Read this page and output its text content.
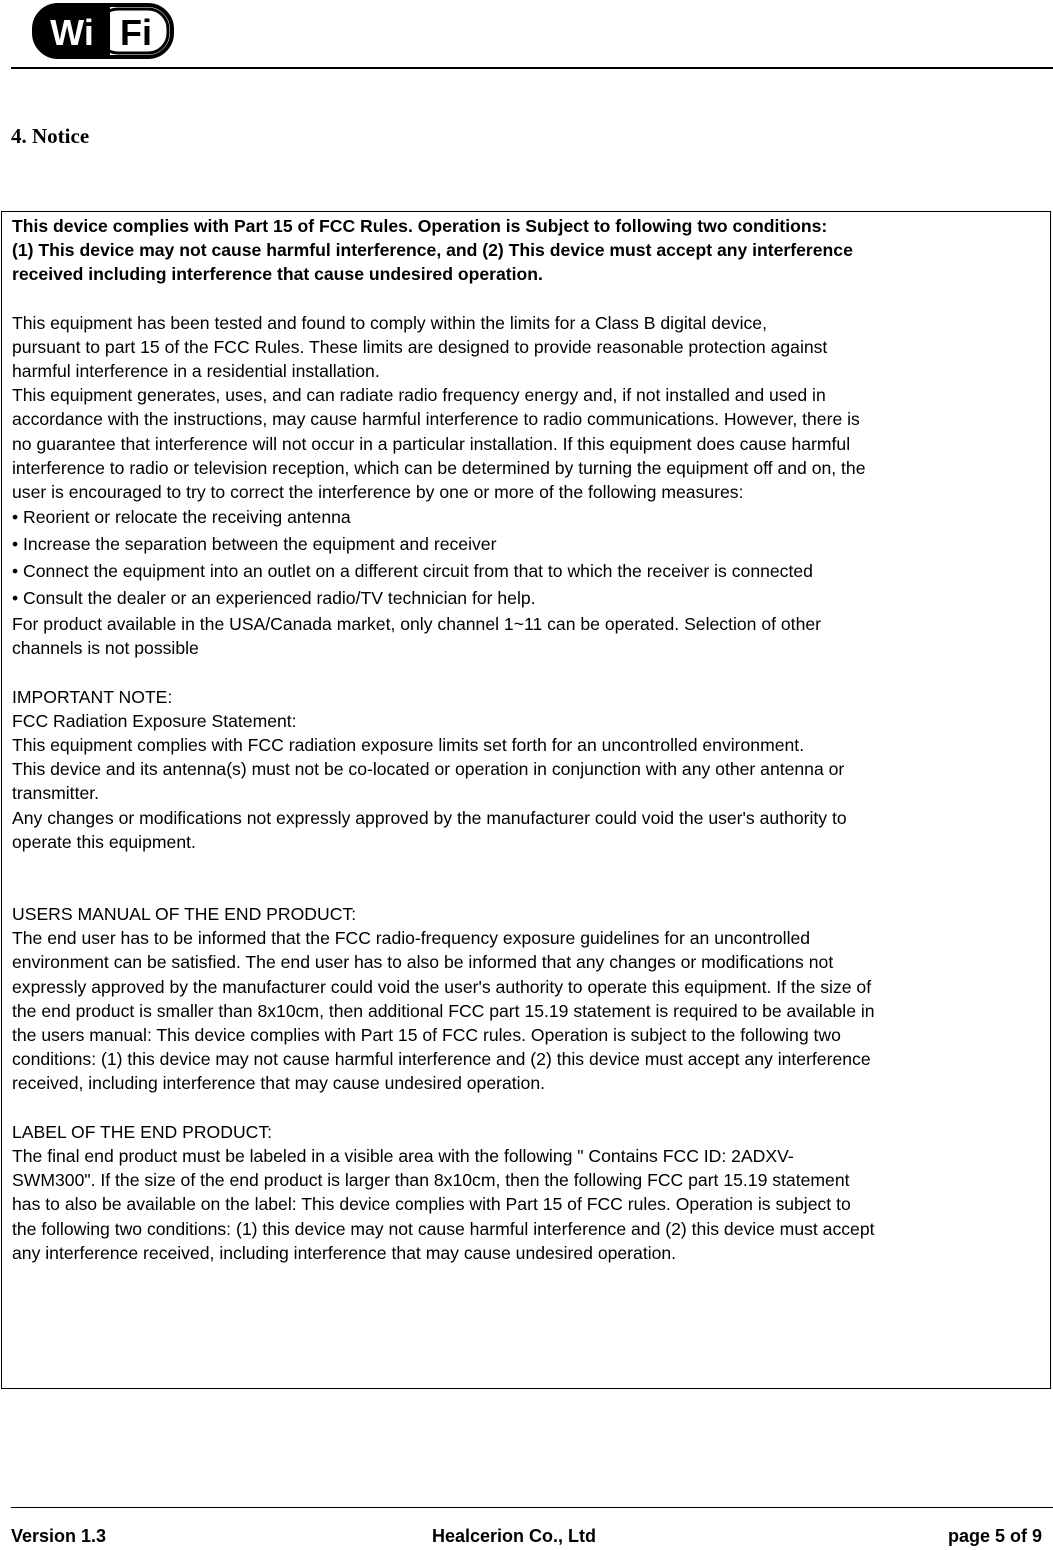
Wi Fi
4. Notice
This device complies with Part 15 of FCC Rules. Operation is Subject to following two conditions:
(1) This device may not cause harmful interference, and (2) This device must accept any interference
received including interference that cause undesired operation.
This equipment has been tested and found to comply within the limits for a Class B digital device,
pursuant to part 15 of the FCC Rules. These limits are designed to provide reasonable protection against
harmful interference in a residential installation.
This equipment generates, uses, and can radiate radio frequency energy and, if not installed and used in
accordance with the instructions, may cause harmful interference to radio communications. However, there is
no guarantee that interference will not occur in a particular installation. If this equipment does cause harmful
interference to radio or television reception, which can be determined by turning the equipment off and on, the
user is encouraged to try to correct the interference by one or more of the following measures:
• Reorient or relocate the receiving antenna
• Increase the separation between the equipment and receiver
• Connect the equipment into an outlet on a different circuit from that to which the receiver is connected
• Consult the dealer or an experienced radio/TV technician for help.
For product available in the USA/Canada market, only channel 1~11 can be operated. Selection of other
channels is not possible
IMPORTANT NOTE:
FCC Radiation Exposure Statement:
This equipment complies with FCC radiation exposure limits set forth for an uncontrolled environment.
This device and its antenna(s) must not be co-located or operation in conjunction with any other antenna or
transmitter.
Any changes or modifications not expressly approved by the manufacturer could void the user's authority to
operate this equipment.
USERS MANUAL OF THE END PRODUCT:
The end user has to be informed that the FCC radio-frequency exposure guidelines for an uncontrolled
environment can be satisfied. The end user has to also be informed that any changes or modifications not
expressly approved by the manufacturer could void the user's authority to operate this equipment. If the size of
the end product is smaller than 8x10cm, then additional FCC part 15.19 statement is required to be available in
the users manual: This device complies with Part 15 of FCC rules. Operation is subject to the following two
conditions: (1) this device may not cause harmful interference and (2) this device must accept any interference
received, including interference that may cause undesired operation.
LABEL OF THE END PRODUCT:
The final end product must be labeled in a visible area with the following " Contains FCC ID: 2ADXV-
SWM300". If the size of the end product is larger than 8x10cm, then the following FCC part 15.19 statement
has to also be available on the label: This device complies with Part 15 of FCC rules. Operation is subject to
the following two conditions: (1) this device may not cause harmful interference and (2) this device must accept
any interference received, including interference that may cause undesired operation.
Version 1.3	Healcerion Co., Ltd	page 5 of 9
